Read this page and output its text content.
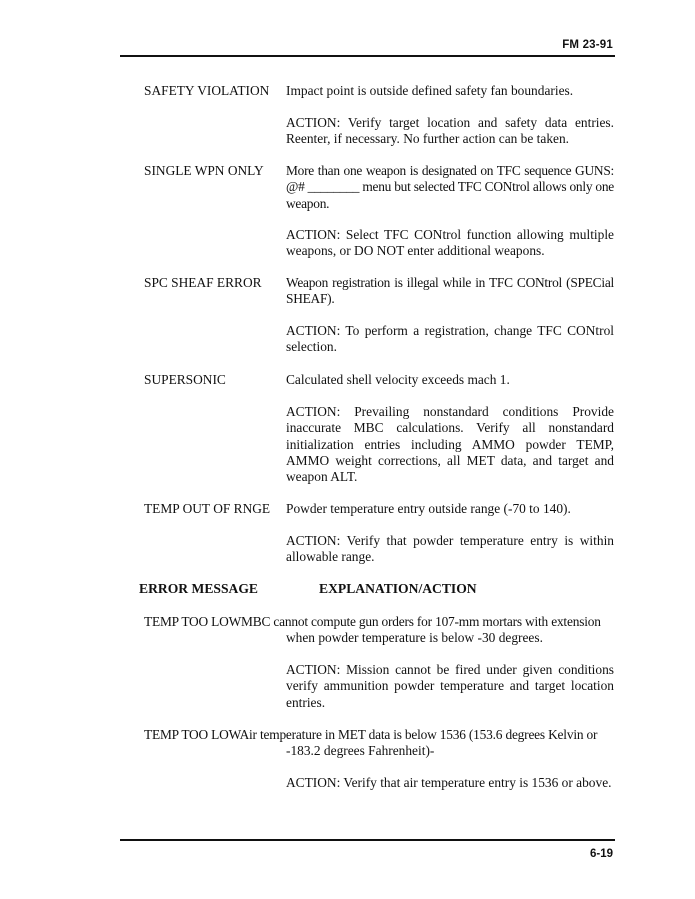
FM 23-91
SAFETY VIOLATION Impact point is outside defined safety fan boundaries.
ACTION: Verify target location and safety data entries. Reenter, if necessary. No further action can be taken.
SINGLE WPN ONLY More than one weapon is designated on TFC sequence GUNS: @# ________ menu but selected TFC CONtrol allows only one weapon.
ACTION: Select TFC CONtrol function allowing multiple weapons, or DO NOT enter additional weapons.
SPC SHEAF ERROR Weapon registration is illegal while in TFC CONtrol (SPECial SHEAF).
ACTION: To perform a registration, change TFC CONtrol selection.
SUPERSONIC	Calculated shell velocity exceeds mach 1.
ACTION: Prevailing nonstandard conditions Provide inaccurate MBC calculations. Verify all nonstandard initialization entries including AMMO powder TEMP, AMMO weight corrections, all MET data, and target and weapon ALT.
TEMP OUT OF RNGE Powder temperature entry outside range (-70 to 140).
ACTION: Verify that powder temperature entry is within allowable range.
ERROR MESSAGE	EXPLANATION/ACTION
TEMP TOO LOWMBC cannot compute gun orders for 107-mm mortars with extension
when powder temperature is below -30 degrees.
ACTION: Mission cannot be fired under given conditions verify ammunition powder temperature and target location entries.
TEMP TOO LOWAir temperature in MET data is below 1536 (153.6 degrees Kelvin or
-183.2 degrees Fahrenheit)-
ACTION: Verify that air temperature entry is 1536 or above.
6-19
